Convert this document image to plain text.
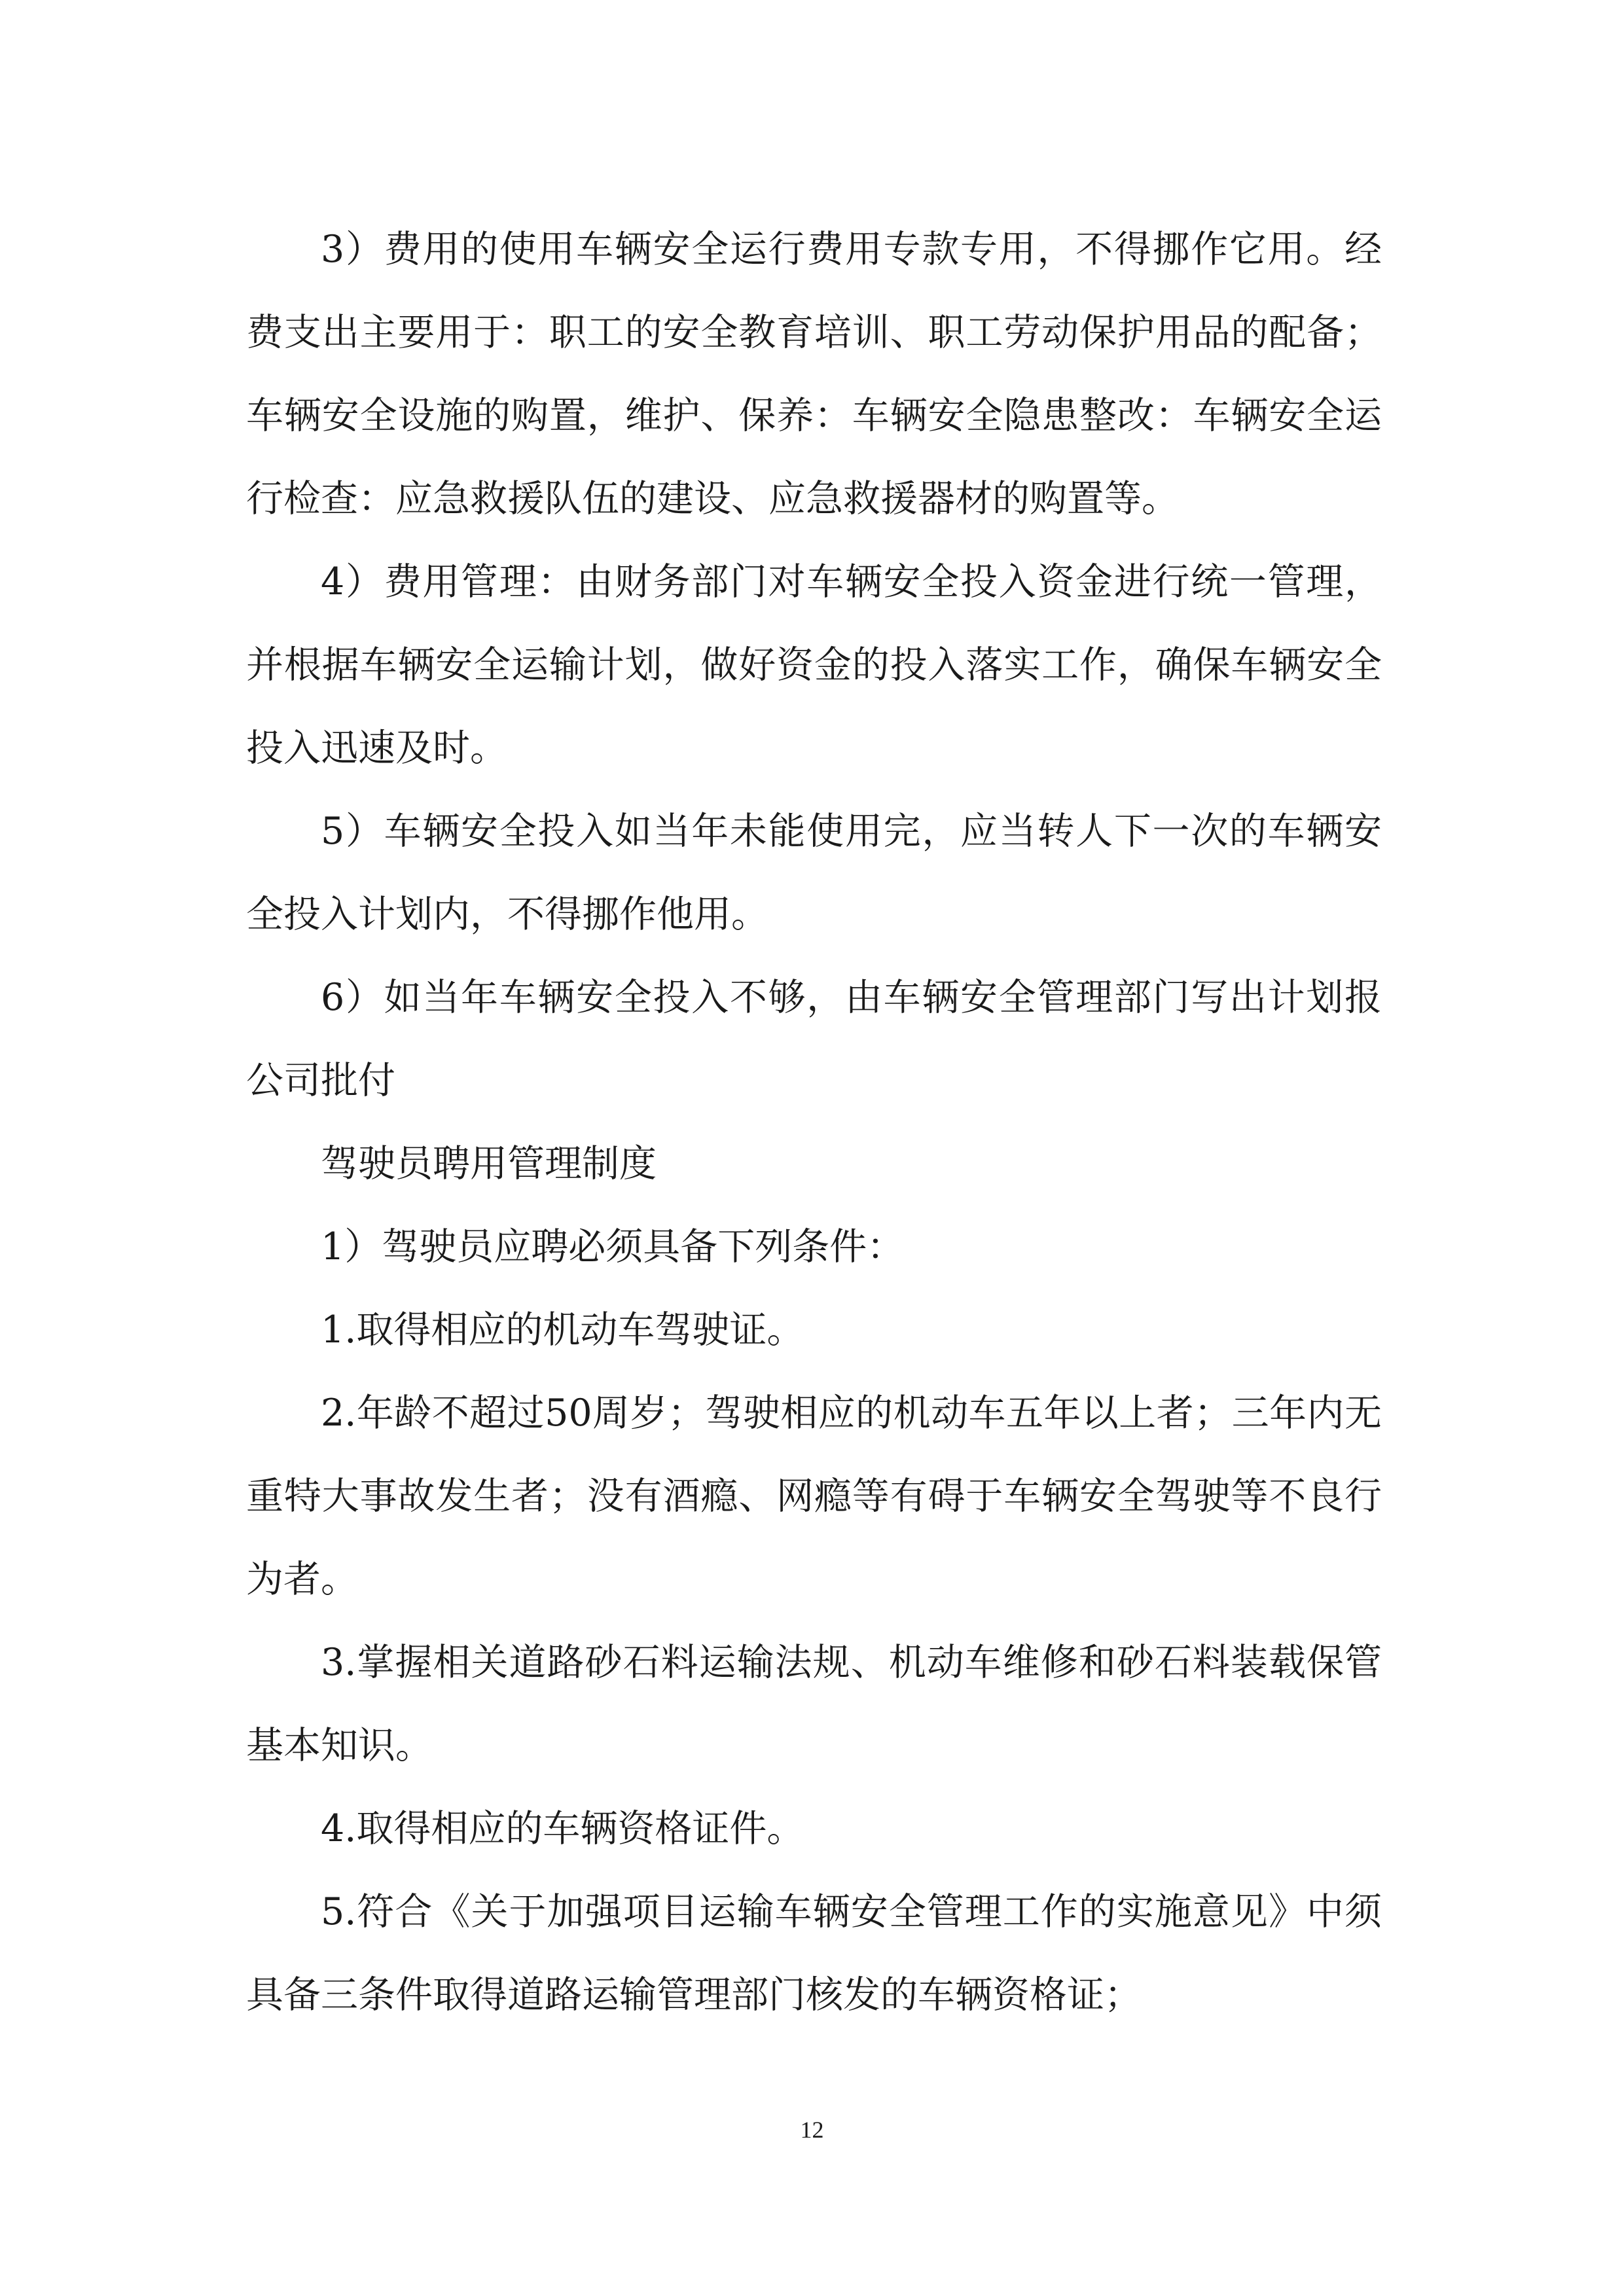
3）费用的使用车辆安全运行费用专款专用，不得挪作它用。经费支出主要用于：职工的安全教育培训、职工劳动保护用品的配备；车辆安全设施的购置，维护、保养：车辆安全隐患整改：车辆安全运行检查：应急救援队伍的建设、应急救援器材的购置等。

4）费用管理：由财务部门对车辆安全投入资金进行统一管理，并根据车辆安全运输计划，做好资金的投入落实工作，确保车辆安全投入迅速及时。

5）车辆安全投入如当年未能使用完，应当转人下一次的车辆安全投入计划内，不得挪作他用。

6）如当年车辆安全投入不够，由车辆安全管理部门写出计划报公司批付

驾驶员聘用管理制度

1）驾驶员应聘必须具备下列条件：

1.取得相应的机动车驾驶证。

2.年龄不超过50周岁；驾驶相应的机动车五年以上者；三年内无重特大事故发生者；没有酒瘾、网瘾等有碍于车辆安全驾驶等不良行为者。

3.掌握相关道路砂石料运输法规、机动车维修和砂石料装载保管基本知识。

4.取得相应的车辆资格证件。

5.符合《关于加强项目运输车辆安全管理工作的实施意见》中须具备三条件取得道路运输管理部门核发的车辆资格证；

12
